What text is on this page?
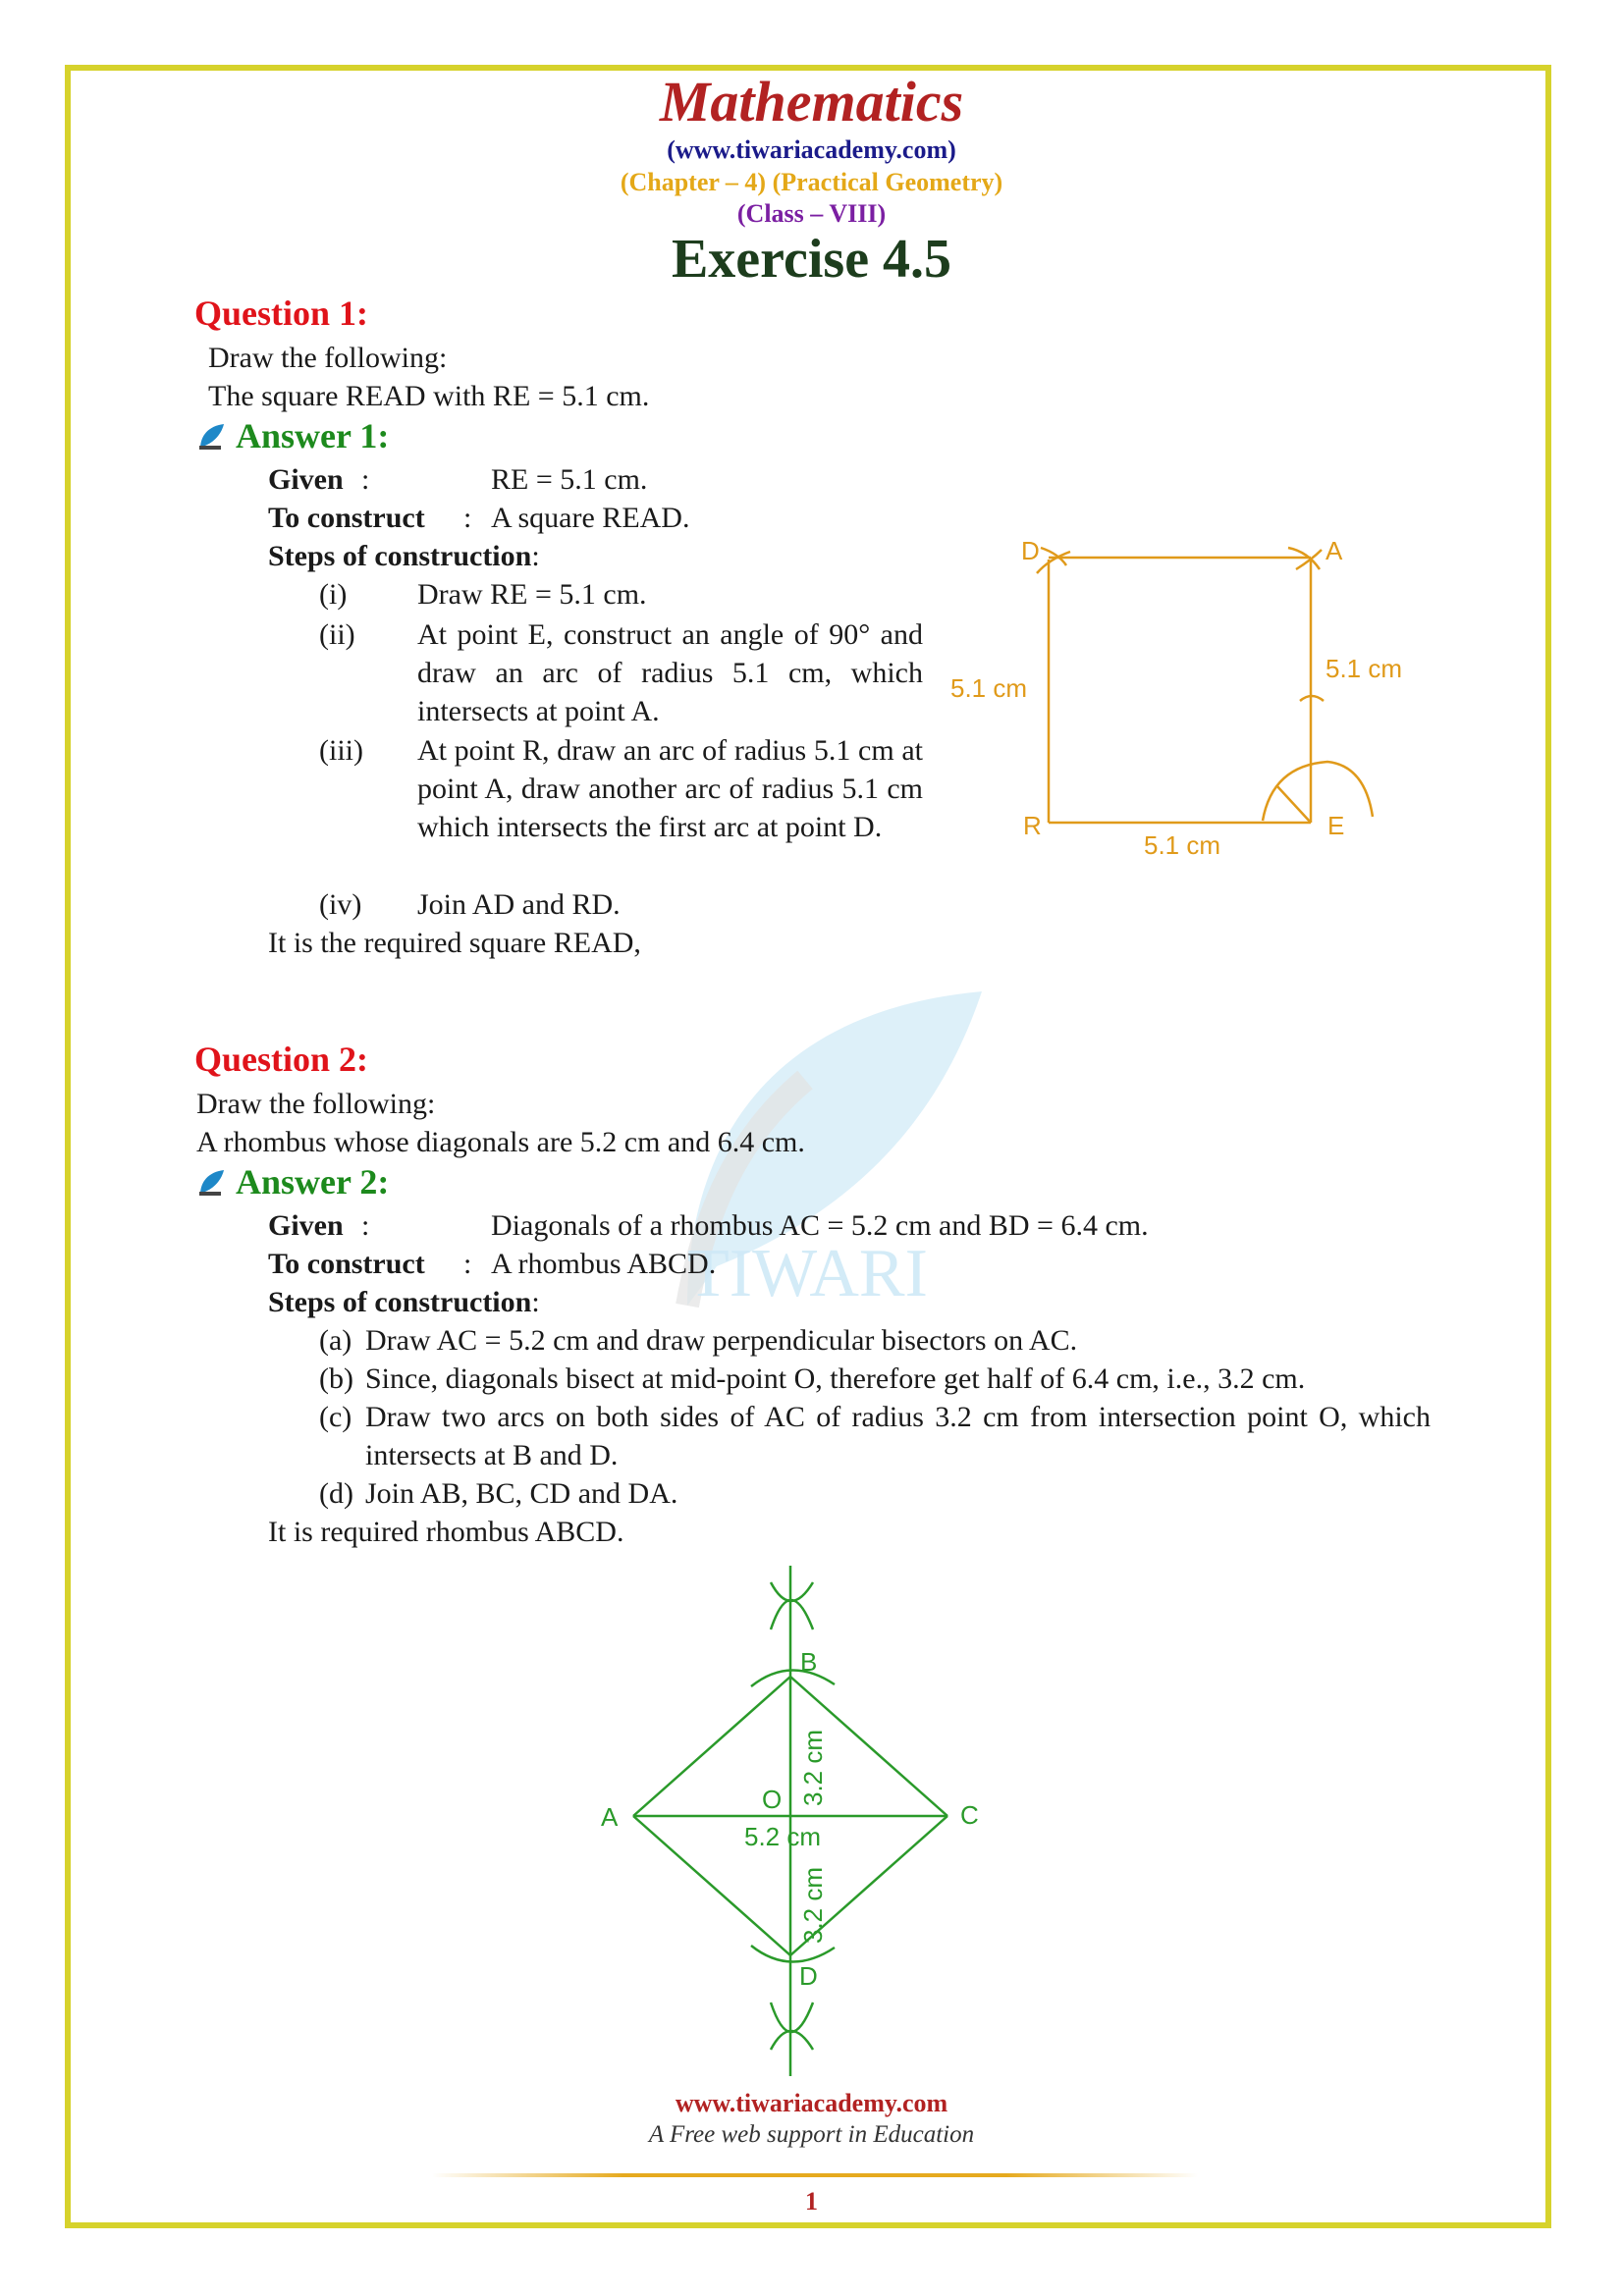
TIWARI
Mathematics
(www.tiwariacademy.com)
(Chapter – 4) (Practical Geometry)
(Class – VIII)
Exercise 4.5
Question 1:
Draw the following:
The square READ with RE = 5.1 cm.
Answer 1:
Given :	RE = 5.1 cm.
To construct : A square READ.
Steps of construction:
(i) Draw RE = 5.1 cm.
(ii) At point E, construct an angle of 90° and draw an arc of radius 5.1 cm, which intersects at point A.
(iii) At point R, draw an arc of radius 5.1 cm at point A, draw another arc of radius 5.1 cm which intersects the first arc at point D.
(iv) Join AD and RD.
It is the required square READ,
D	A
R	E
5.1 cm
5.1 cm
5.1 cm
Question 2:
Draw the following:
A rhombus whose diagonals are 5.2 cm and 6.4 cm.
Answer 2:
Given :	Diagonals of a rhombus AC = 5.2 cm and BD = 6.4 cm.
To construct : A rhombus ABCD.
Steps of construction:
(a) Draw AC = 5.2 cm and draw perpendicular bisectors on AC.
(b) Since, diagonals bisect at mid-point O, therefore get half of 6.4 cm, i.e., 3.2 cm.
(c) Draw two arcs on both sides of AC of radius 3.2 cm from intersection point O, which intersects at B and D.
(d) Join AB, BC, CD and DA.
It is required rhombus ABCD.
B
A	C
D
O
5.2 cm
3.2 cm
3.2 cm
www.tiwariacademy.com
A Free web support in Education
1
